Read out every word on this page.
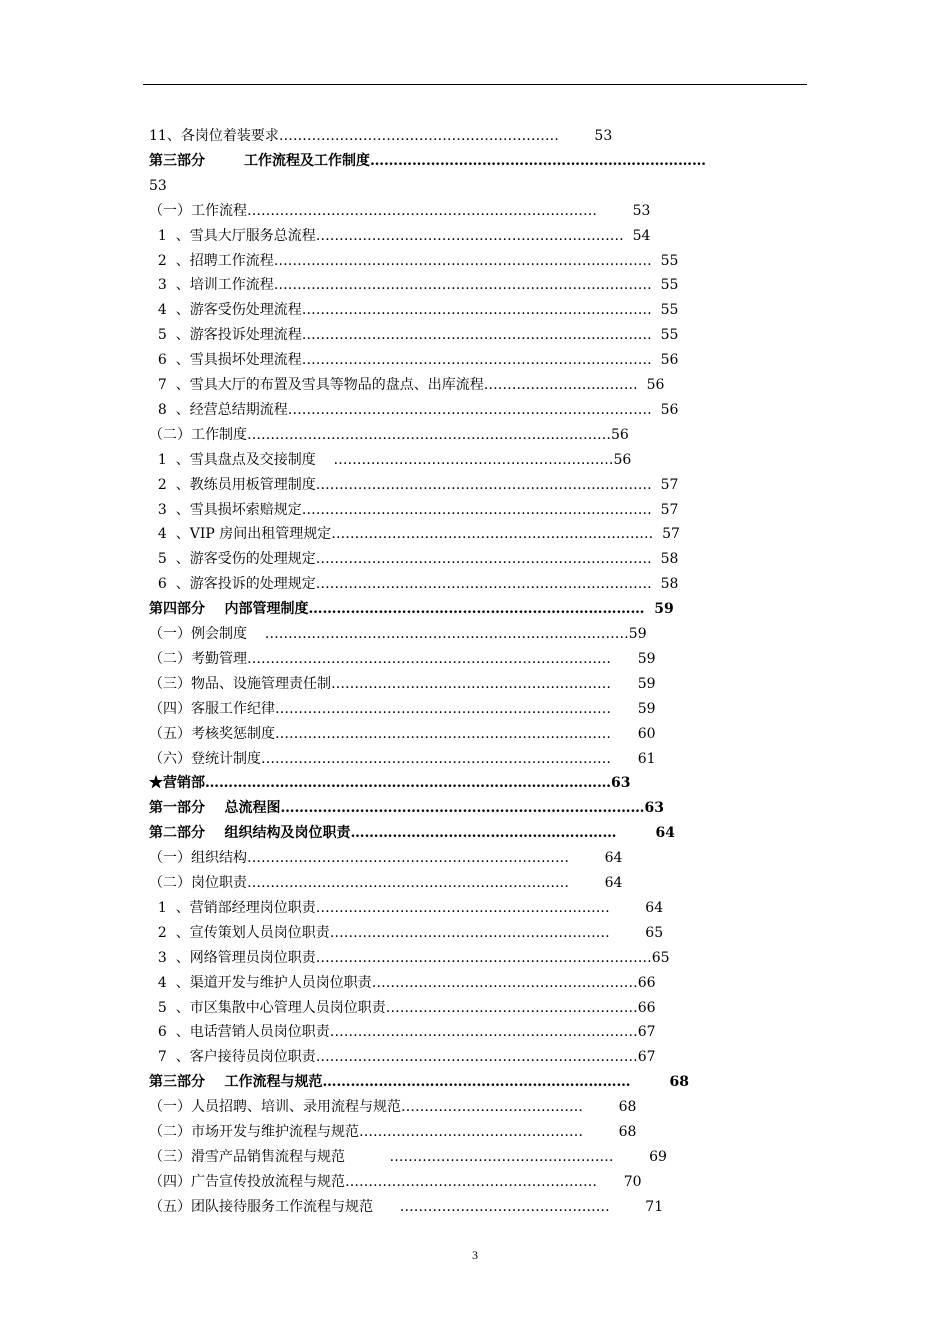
11、各岗位着装要求……………………………………………………        53
第三部分        工作流程及工作制度………………………………………………………………
53
（一）工作流程…………………………………………………………………        53
1  、雪具大厅服务总流程…………………………………………………………  54
2  、招聘工作流程………………………………………………………………………  55
3  、培训工作流程………………………………………………………………………  55
4  、游客受伤处理流程…………………………………………………………………  55
5  、游客投诉处理流程…………………………………………………………………  55
6  、雪具损坏处理流程…………………………………………………………………  56
7  、雪具大厅的布置及雪具等物品的盘点、出库流程……………………………  56
8  、经营总结期流程……………………………………………………………………  56
（二）工作制度……………………………………………………………………56
1  、雪具盘点及交接制度    ……………………………………………………56
2  、教练员用板管理制度………………………………………………………………  57
3  、雪具损坏索赔规定…………………………………………………………………  57
4  、VIP 房间出租管理规定……………………………………………………………  57
5  、游客受伤的处理规定………………………………………………………………  58
6  、游客投诉的处理规定………………………………………………………………  58
第四部分    内部管理制度………………………………………………………………  59
（一）例会制度    ……………………………………………………………………59
（二）考勤管理……………………………………………………………………      59
（三）物品、设施管理责任制……………………………………………………      59
（四）客服工作纪律………………………………………………………………      59
（五）考核奖惩制度………………………………………………………………      60
（六）登统计制度…………………………………………………………………      61
★营销部……………………………………………………………………………63
第一部分    总流程图……………………………………………………………………63
第二部分    组织结构及岗位职责…………………………………………………        64
（一）组织结构……………………………………………………………        64
（二）岗位职责……………………………………………………………        64
1  、营销部经理岗位职责………………………………………………………        64
2  、宣传策划人员岗位职责……………………………………………………        65
3  、网络管理员岗位职责………………………………………………………………65
4  、渠道开发与维护人员岗位职责…………………………………………………66
5  、市区集散中心管理人员岗位职责………………………………………………66
6  、电话营销人员岗位职责…………………………………………………………67
7  、客户接待员岗位职责……………………………………………………………67
第三部分    工作流程与规范…………………………………………………………        68
（一）人员招聘、培训、录用流程与规范…………………………………        68
（二）市场开发与维护流程与规范…………………………………………        68
（三）滑雪产品销售流程与规范          …………………………………………        69
（四）广告宣传投放流程与规范………………………………………………      70
（五）团队接待服务工作流程与规范      ………………………………………        71
3
